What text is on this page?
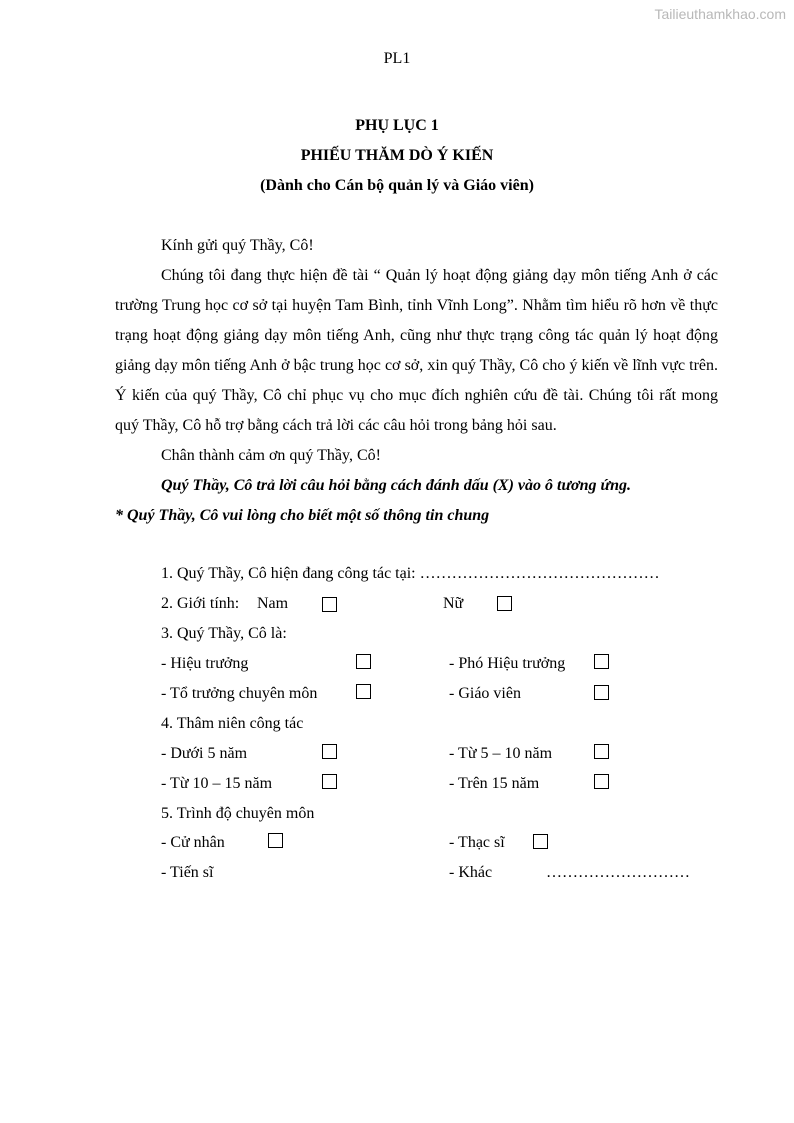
Tailieuthamkhao.com
PL1
PHỤ LỤC 1
PHIẾU THĂM DÒ Ý KIẾN
(Dành cho Cán bộ quản lý và Giáo viên)

Kính gửi quý Thầy, Cô!

Chúng tôi đang thực hiện đề tài “ Quản lý hoạt động giảng dạy môn tiếng Anh ở các trường Trung học cơ sở tại huyện Tam Bình, tỉnh Vĩnh Long”. Nhằm tìm hiểu rõ hơn về thực trạng hoạt động giảng dạy môn tiếng Anh, cũng như thực trạng công tác quản lý hoạt động giảng dạy môn tiếng Anh ở bậc trung học cơ sở, xin quý Thầy, Cô cho ý kiến về lĩnh vực trên. Ý kiến của quý Thầy, Cô chỉ phục vụ cho mục đích nghiên cứu đề tài. Chúng tôi rất mong quý Thầy, Cô hỗ trợ bằng cách trả lời các câu hỏi trong bảng hỏi sau.

Chân thành cảm ơn quý Thầy, Cô!

Quý Thầy, Cô trả lời câu hỏi bằng cách đánh dấu (X) vào ô tương ứng.

* Quý Thầy, Cô vui lòng cho biết một số thông tin chung

1. Quý Thầy, Cô hiện đang công tác tại: ………………………………………
2. Giới tính: Nam	Nữ
3. Quý Thầy, Cô là:
- Hiệu trưởng	- Phó Hiệu trưởng
- Tổ trưởng chuyên môn	- Giáo viên
4. Thâm niên công tác
- Dưới 5 năm	- Từ 5 – 10 năm
- Từ 10 – 15 năm	- Trên 15 năm
5. Trình độ chuyên môn
- Cử nhân	- Thạc sĩ
- Tiến sĩ	- Khác	………………………
